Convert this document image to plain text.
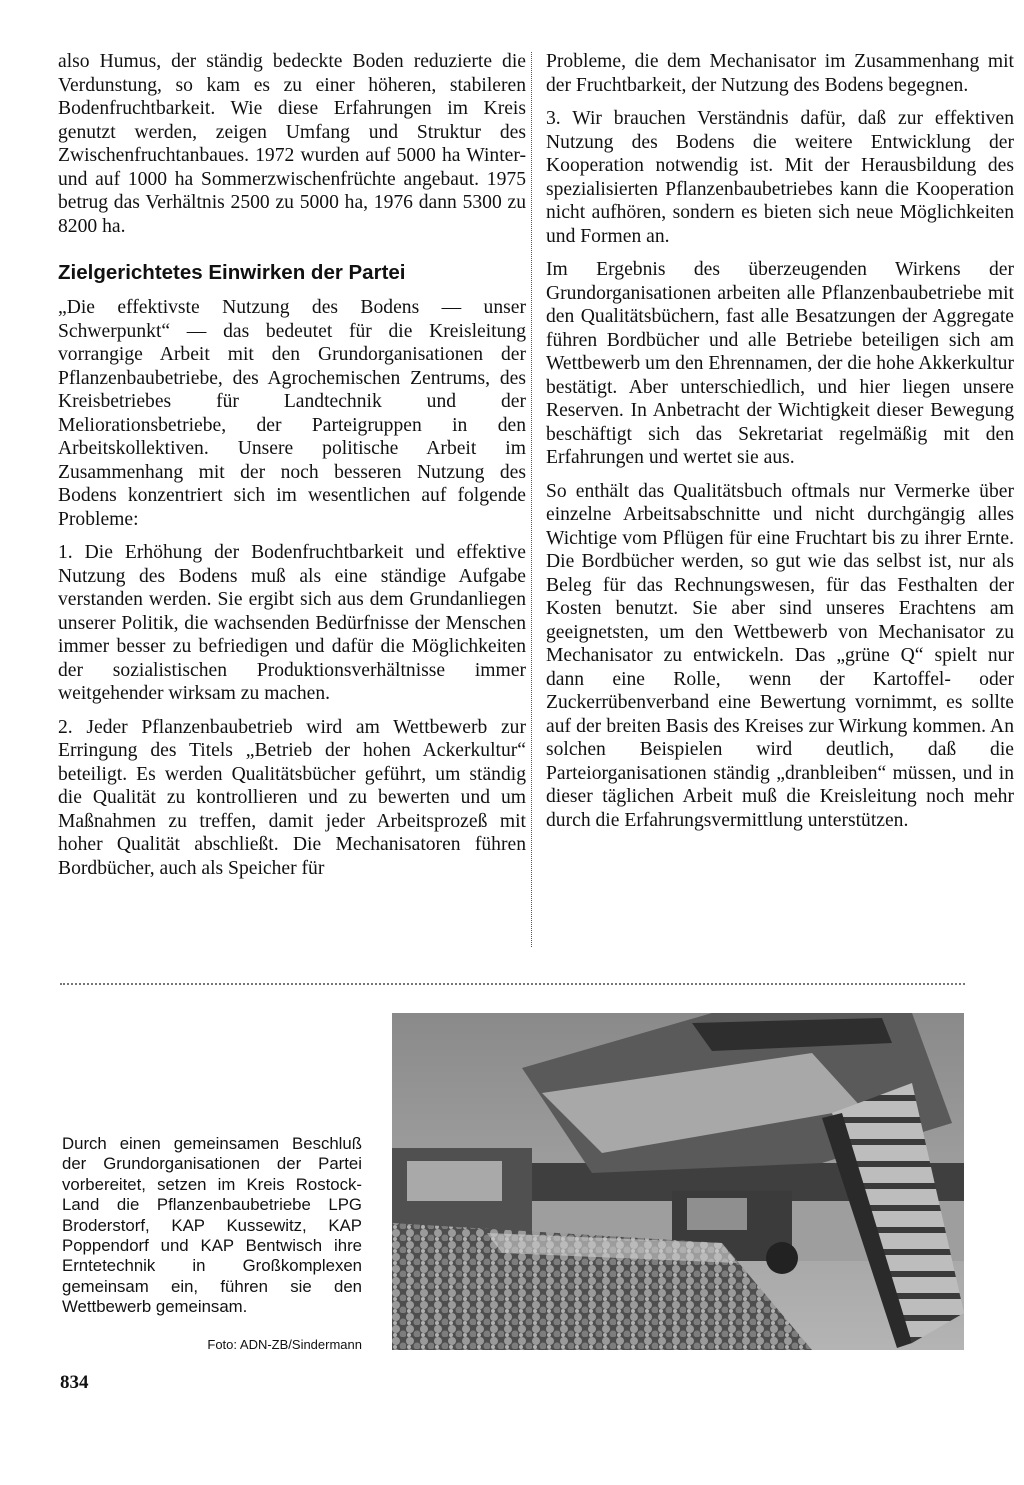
also Humus, der ständig bedeckte Boden reduzierte die Verdunstung, so kam es zu einer höheren, stabileren Bodenfruchtbarkeit. Wie diese Erfahrungen im Kreis genutzt werden, zeigen Umfang und Struktur des Zwischenfruchtanbaues. 1972 wurden auf 5000 ha Winter- und auf 1000 ha Sommerzwischenfrüchte angebaut. 1975 betrug das Verhältnis 2500 zu 5000 ha, 1976 dann 5300 zu 8200 ha.

Zielgerichtetes Einwirken der Partei

„Die effektivste Nutzung des Bodens — unser Schwerpunkt“ — das bedeutet für die Kreisleitung vorrangige Arbeit mit den Grundorganisationen der Pflanzenbaubetriebe, des Agrochemischen Zentrums, des Kreisbetriebes für Landtechnik und der Meliorationsbetriebe, der Parteigruppen in den Arbeitskollektiven. Unsere politische Arbeit im Zusammenhang mit der noch besseren Nutzung des Bodens konzentriert sich im wesentlichen auf folgende Probleme:

1. Die Erhöhung der Bodenfruchtbarkeit und effektive Nutzung des Bodens muß als eine ständige Aufgabe verstanden werden. Sie ergibt sich aus dem Grundanliegen unserer Politik, die wachsenden Bedürfnisse der Menschen immer besser zu befriedigen und dafür die Möglichkeiten der sozialistischen Produktionsverhältnisse immer weitgehender wirksam zu machen.

2. Jeder Pflanzenbaubetrieb wird am Wettbewerb zur Erringung des Titels „Betrieb der hohen Ackerkultur“ beteiligt. Es werden Qualitätsbücher geführt, um ständig die Qualität zu kontrollieren und zu bewerten und um Maßnahmen zu treffen, damit jeder Arbeitsprozeß mit hoher Qualität abschließt. Die Mechanisatoren führen Bordbücher, auch als Speicher für

Probleme, die dem Mechanisator im Zusammenhang mit der Fruchtbarkeit, der Nutzung des Bodens begegnen.

3. Wir brauchen Verständnis dafür, daß zur effektiven Nutzung des Bodens die weitere Entwicklung der Kooperation notwendig ist. Mit der Herausbildung des spezialisierten Pflanzenbaubetriebes kann die Kooperation nicht aufhören, sondern es bieten sich neue Möglichkeiten und Formen an.

Im Ergebnis des überzeugenden Wirkens der Grundorganisationen arbeiten alle Pflanzenbaubetriebe mit den Qualitätsbüchern, fast alle Besatzungen der Aggregate führen Bordbücher und alle Betriebe beteiligen sich am Wettbewerb um den Ehrennamen, der die hohe Akkerkultur bestätigt. Aber unterschiedlich, und hier liegen unsere Reserven. In Anbetracht der Wichtigkeit dieser Bewegung beschäftigt sich das Sekretariat regelmäßig mit den Erfahrungen und wertet sie aus.

So enthält das Qualitätsbuch oftmals nur Vermerke über einzelne Arbeitsabschnitte und nicht durchgängig alles Wichtige vom Pflügen für eine Fruchtart bis zu ihrer Ernte. Die Bordbücher werden, so gut wie das selbst ist, nur als Beleg für das Rechnungswesen, für das Festhalten der Kosten benutzt. Sie aber sind unseres Erachtens am geeignetsten, um den Wettbewerb von Mechanisator zu Mechanisator zu entwickeln. Das „grüne Q“ spielt nur dann eine Rolle, wenn der Kartoffel- oder Zuckerrübenverband eine Bewertung vornimmt, es sollte auf der breiten Basis des Kreises zur Wirkung kommen. An solchen Beispielen wird deutlich, daß die Parteiorganisationen ständig „dranbleiben“ müssen, und in dieser täglichen Arbeit muß die Kreisleitung noch mehr durch die Erfahrungsvermittlung unterstützen.

Durch einen gemeinsamen Beschluß der Grundorganisationen der Partei vorbereitet, setzen im Kreis Rostock-Land die Pflanzenbaubetriebe LPG Broderstorf, KAP Kussewitz, KAP Poppendorf und KAP Bentwisch ihre Erntetechnik in Großkomplexen gemeinsam ein, führen sie den Wettbewerb gemeinsam.
Foto: ADN-ZB/Sindermann
834
